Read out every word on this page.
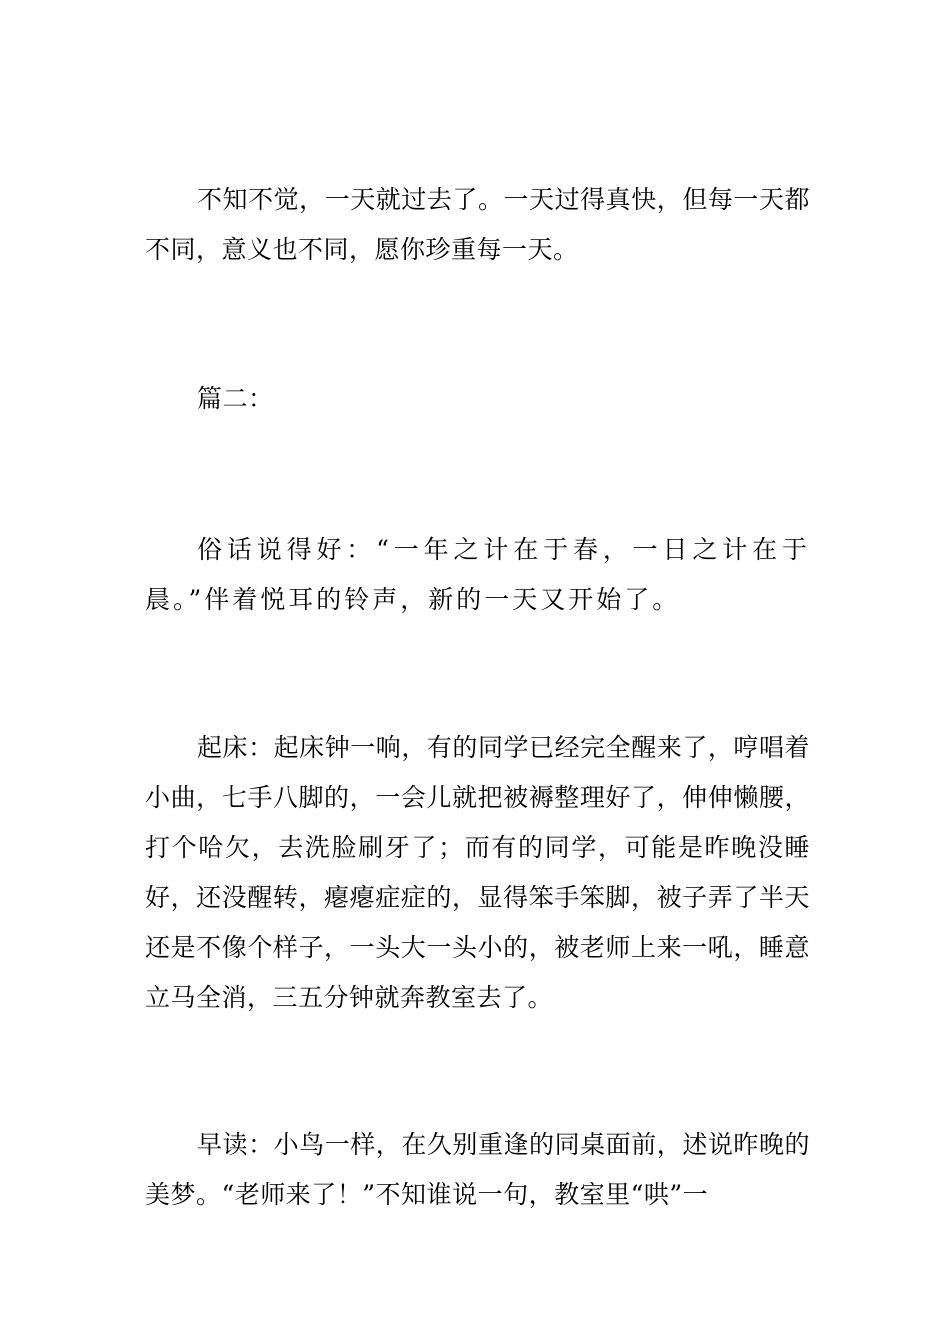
不知不觉，一天就过去了。一天过得真快，但每一天都不同，意义也不同，愿你珍重每一天。

篇二：

俗话说得好：“一年之计在于春，一日之计在于晨。”伴着悦耳的铃声，新的一天又开始了。

起床：起床钟一响，有的同学已经完全醒来了，哼唱着小曲，七手八脚的，一会儿就把被褥整理好了，伸伸懒腰，打个哈欠，去洗脸刷牙了；而有的同学，可能是昨晚没睡好，还没醒转，瘪瘪症症的，显得笨手笨脚，被子弄了半天还是不像个样子，一头大一头小的，被老师上来一吼，睡意立马全消，三五分钟就奔教室去了。

早读：小鸟一样，在久别重逢的同桌面前，述说昨晚的美梦。“老师来了！”不知谁说一句，教室里“哄”一
